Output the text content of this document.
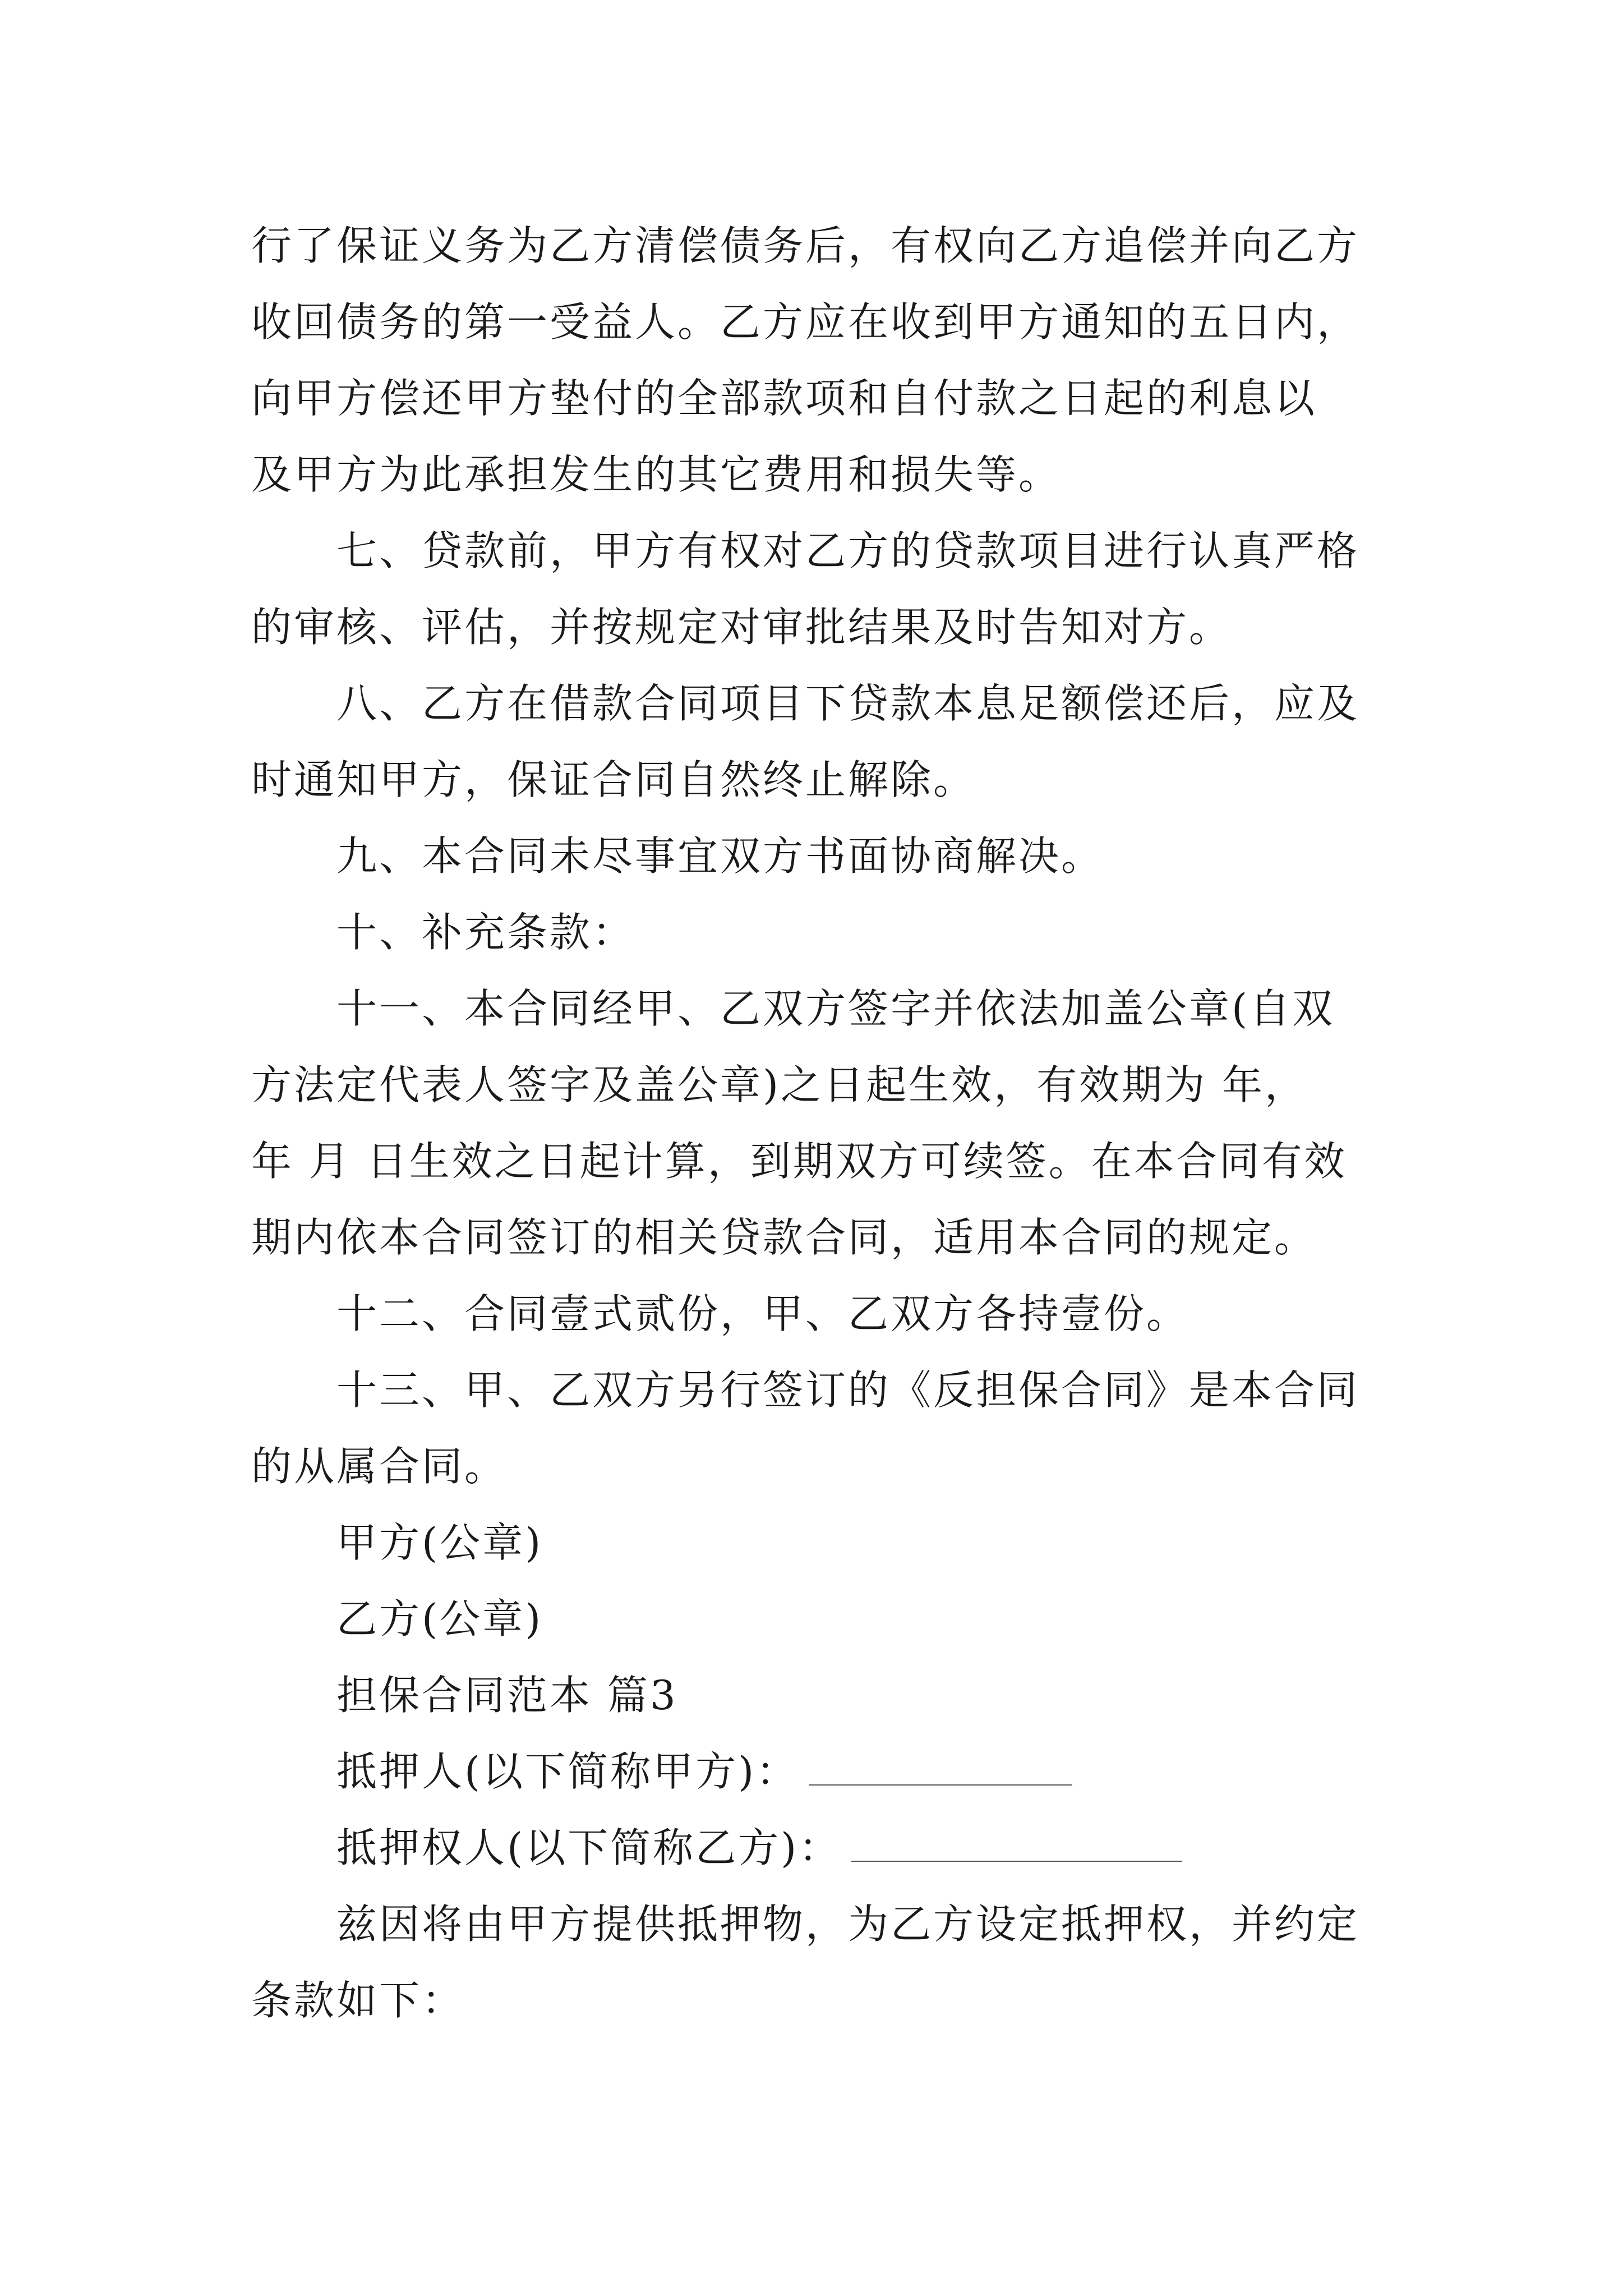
行了保证义务为乙方清偿债务后，有权向乙方追偿并向乙方
收回债务的第一受益人。乙方应在收到甲方通知的五日内，
向甲方偿还甲方垫付的全部款项和自付款之日起的利息以
及甲方为此承担发生的其它费用和损失等。
七、贷款前，甲方有权对乙方的贷款项目进行认真严格
的审核、评估，并按规定对审批结果及时告知对方。
八、乙方在借款合同项目下贷款本息足额偿还后，应及
时通知甲方，保证合同自然终止解除。
九、本合同未尽事宜双方书面协商解决。
十、补充条款：
十一、本合同经甲、乙双方签字并依法加盖公章(自双
方法定代表人签字及盖公章)之日起生效，有效期为 年，
年 月 日生效之日起计算，到期双方可续签。在本合同有效
期内依本合同签订的相关贷款合同，适用本合同的规定。
十二、合同壹式贰份，甲、乙双方各持壹份。
十三、甲、乙双方另行签订的《反担保合同》是本合同
的从属合同。
甲方(公章)
乙方(公章)
担保合同范本 篇3
抵押人(以下简称甲方)：
抵押权人(以下简称乙方)：
兹因将由甲方提供抵押物，为乙方设定抵押权，并约定
条款如下：
